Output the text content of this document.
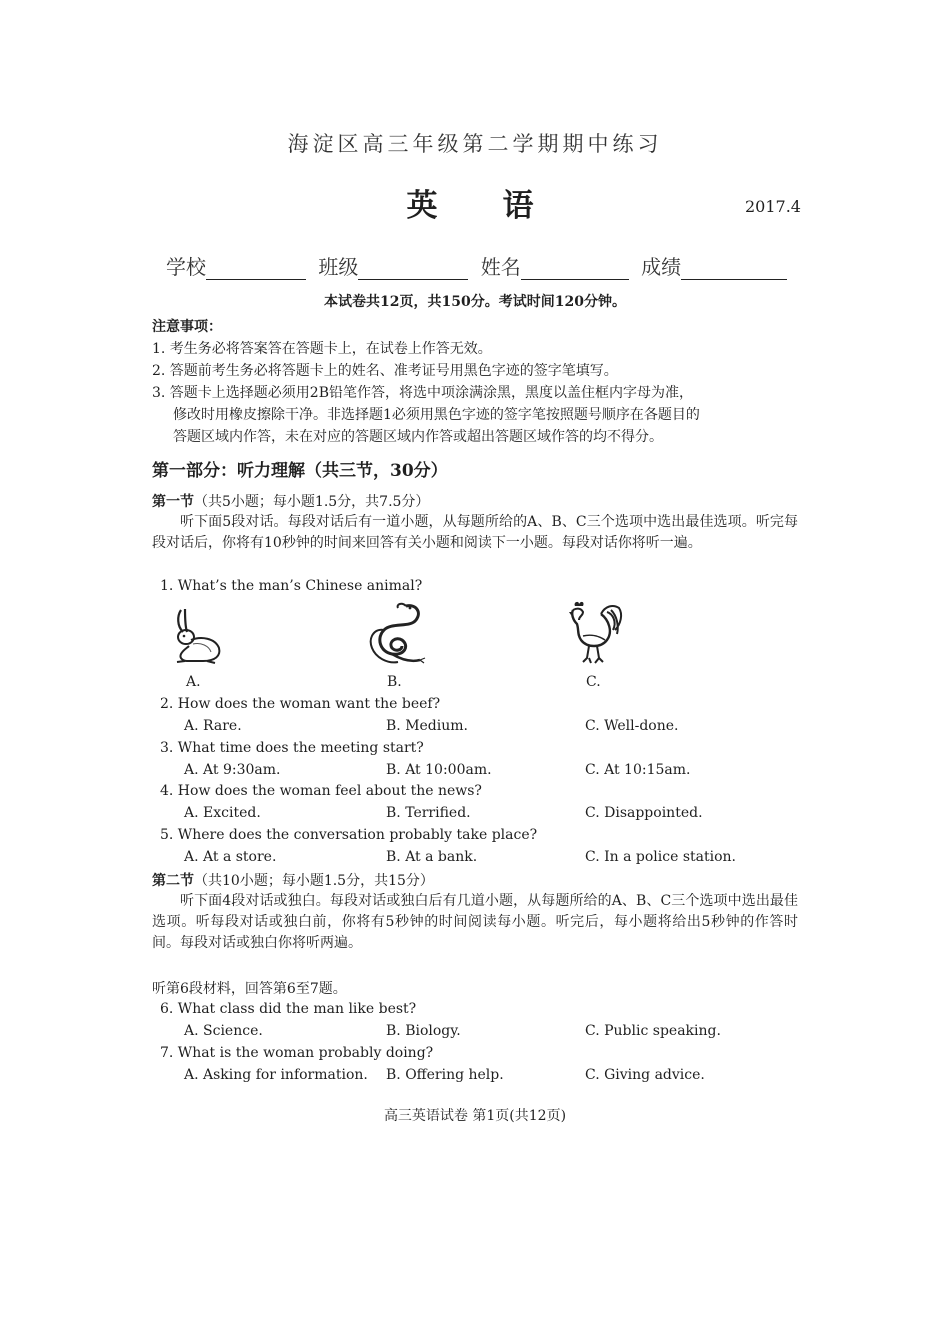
海淀区高三年级第二学期期中练习
英 语	2017.4
学校	班级	姓名	成绩
本试卷共12页，共150分。考试时间120分钟。
注意事项：
1. 考生务必将答案答在答题卡上，在试卷上作答无效。
2. 答题前考生务必将答题卡上的姓名、准考证号用黑色字迹的签字笔填写。
3. 答题卡上选择题必须用2B铅笔作答，将选中项涂满涂黑，黑度以盖住框内字母为准，
修改时用橡皮擦除干净。非选择题1必须用黑色字迹的签字笔按照题号顺序在各题目的
答题区域内作答，未在对应的答题区域内作答或超出答题区域作答的均不得分。
第一部分：听力理解（共三节，30分）
第一节（共5小题；每小题1.5分，共7.5分）
听下面5段对话。每段对话后有一道小题，从每题所给的A、B、C三个选项中选出最佳选项。听完每段对话后，你将有10秒钟的时间来回答有关小题和阅读下一小题。每段对话你将听一遍。
1. What’s the man’s Chinese animal?
A.	B.	C.
2. How does the woman want the beef?
A. Rare.	B. Medium.	C. Well-done.
3. What time does the meeting start?
A. At 9:30am.	B. At 10:00am.	C. At 10:15am.
4. How does the woman feel about the news?
A. Excited.	B. Terrified.	C. Disappointed.
5. Where does the conversation probably take place?
A. At a store.	B. At a bank.	C. In a police station.
第二节（共10小题；每小题1.5分，共15分）
听下面4段对话或独白。每段对话或独白后有几道小题，从每题所给的A、B、C三个选项中选出最佳选项。听每段对话或独白前，你将有5秒钟的时间阅读每小题。听完后，每小题将给出5秒钟的作答时间。每段对话或独白你将听两遍。
听第6段材料，回答第6至7题。
6. What class did the man like best?
A. Science.	B. Biology.	C. Public speaking.
7. What is the woman probably doing?
A. Asking for information. B. Offering help.	C. Giving advice.
高三英语试卷 第1页(共12页)
